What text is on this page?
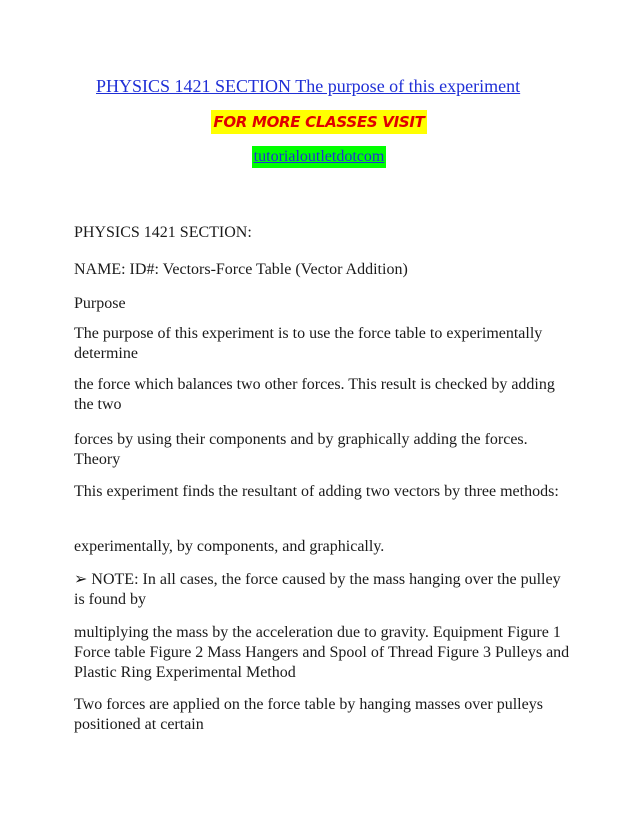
PHYSICS 1421 SECTION The purpose of this experiment
FOR MORE CLASSES VISIT
tutorialoutletdotcom
PHYSICS 1421 SECTION:
NAME: ID#: Vectors-Force Table (Vector Addition)
Purpose
The purpose of this experiment is to use the force table to experimentally determine
the force which balances two other forces. This result is checked by adding the two
forces by using their components and by graphically adding the forces. Theory
This experiment finds the resultant of adding two vectors by three methods:
experimentally, by components, and graphically.
➢ NOTE: In all cases, the force caused by the mass hanging over the pulley is found by
multiplying the mass by the acceleration due to gravity. Equipment Figure 1 Force table Figure 2 Mass Hangers and Spool of Thread Figure 3 Pulleys and Plastic Ring Experimental Method
Two forces are applied on the force table by hanging masses over pulleys positioned at certain
